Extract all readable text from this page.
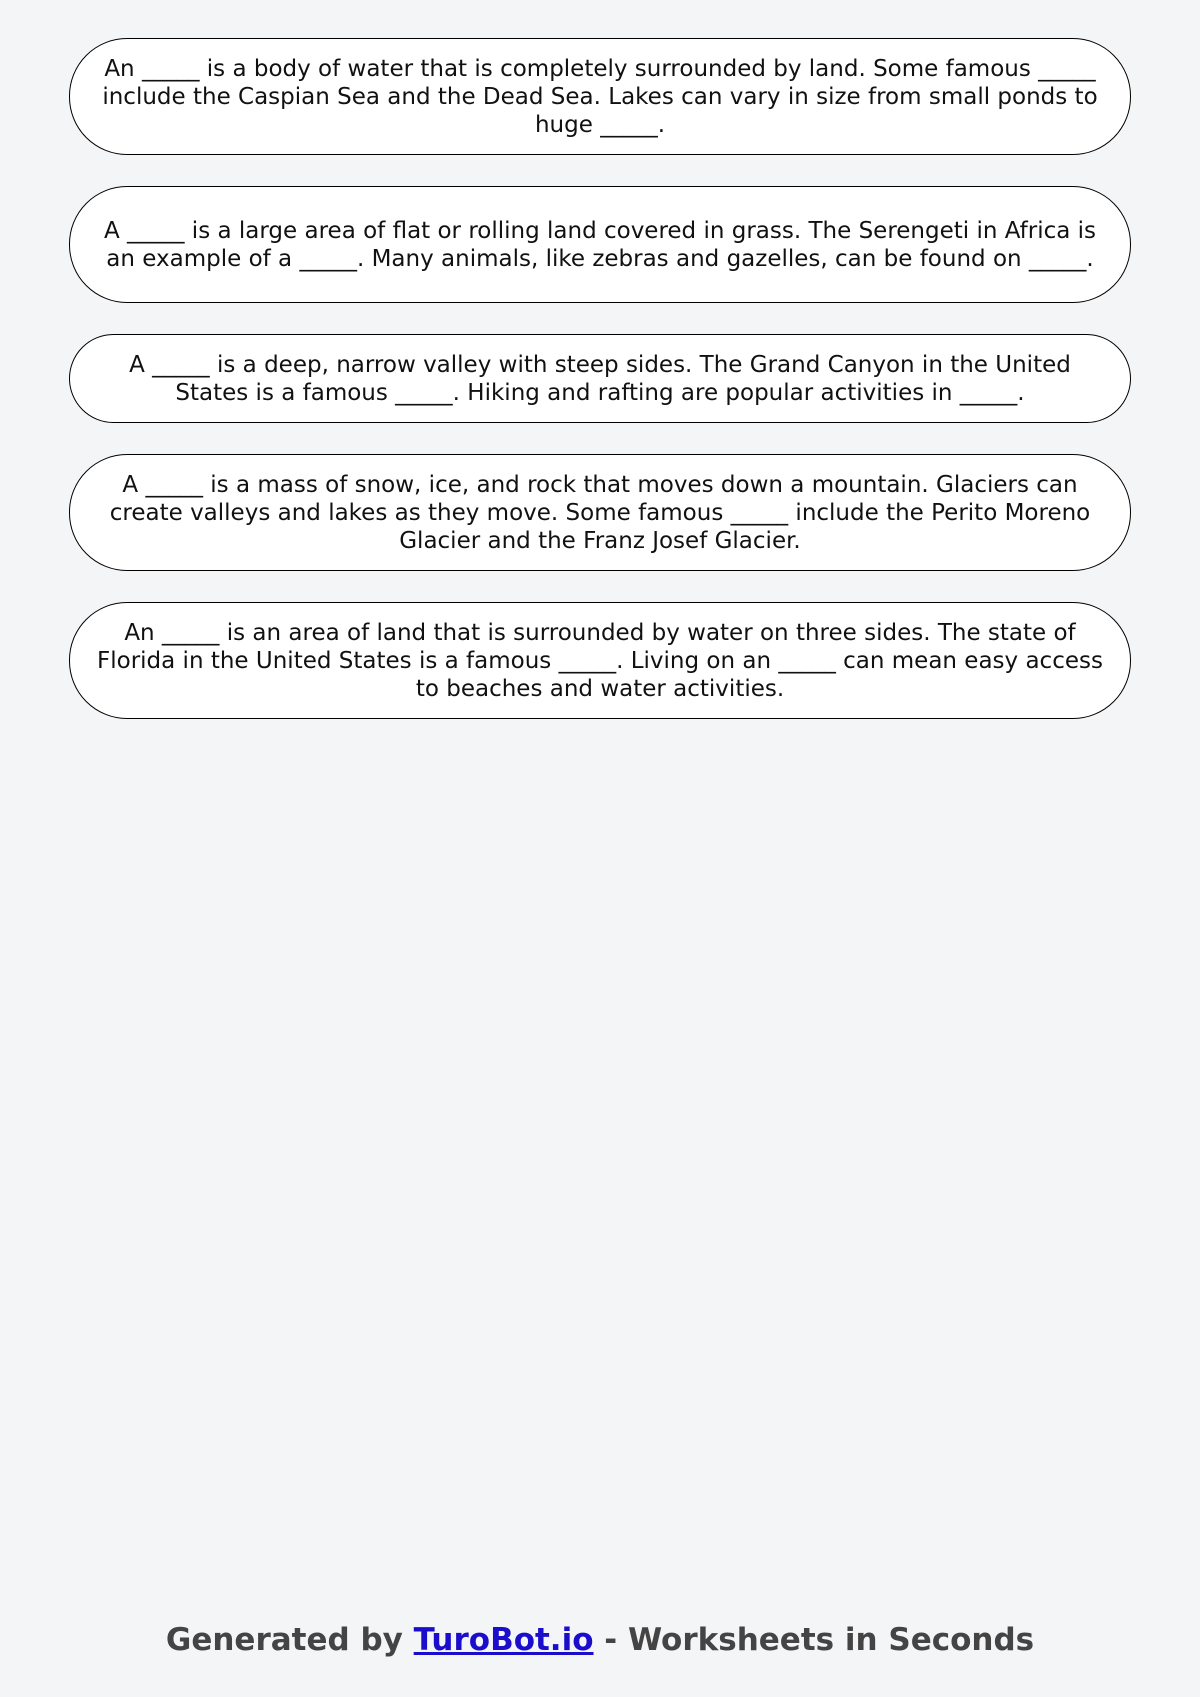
An _____ is a body of water that is completely surrounded by land. Some famous _____ include the Caspian Sea and the Dead Sea. Lakes can vary in size from small ponds to huge _____.

A _____ is a large area of flat or rolling land covered in grass. The Serengeti in Africa is an example of a _____. Many animals, like zebras and gazelles, can be found on _____.

A _____ is a deep, narrow valley with steep sides. The Grand Canyon in the United States is a famous _____. Hiking and rafting are popular activities in _____.

A _____ is a mass of snow, ice, and rock that moves down a mountain. Glaciers can create valleys and lakes as they move. Some famous _____ include the Perito Moreno Glacier and the Franz Josef Glacier.

An _____ is an area of land that is surrounded by water on three sides. The state of Florida in the United States is a famous _____. Living on an _____ can mean easy access to beaches and water activities.

Generated by TuroBot.io - Worksheets in Seconds
